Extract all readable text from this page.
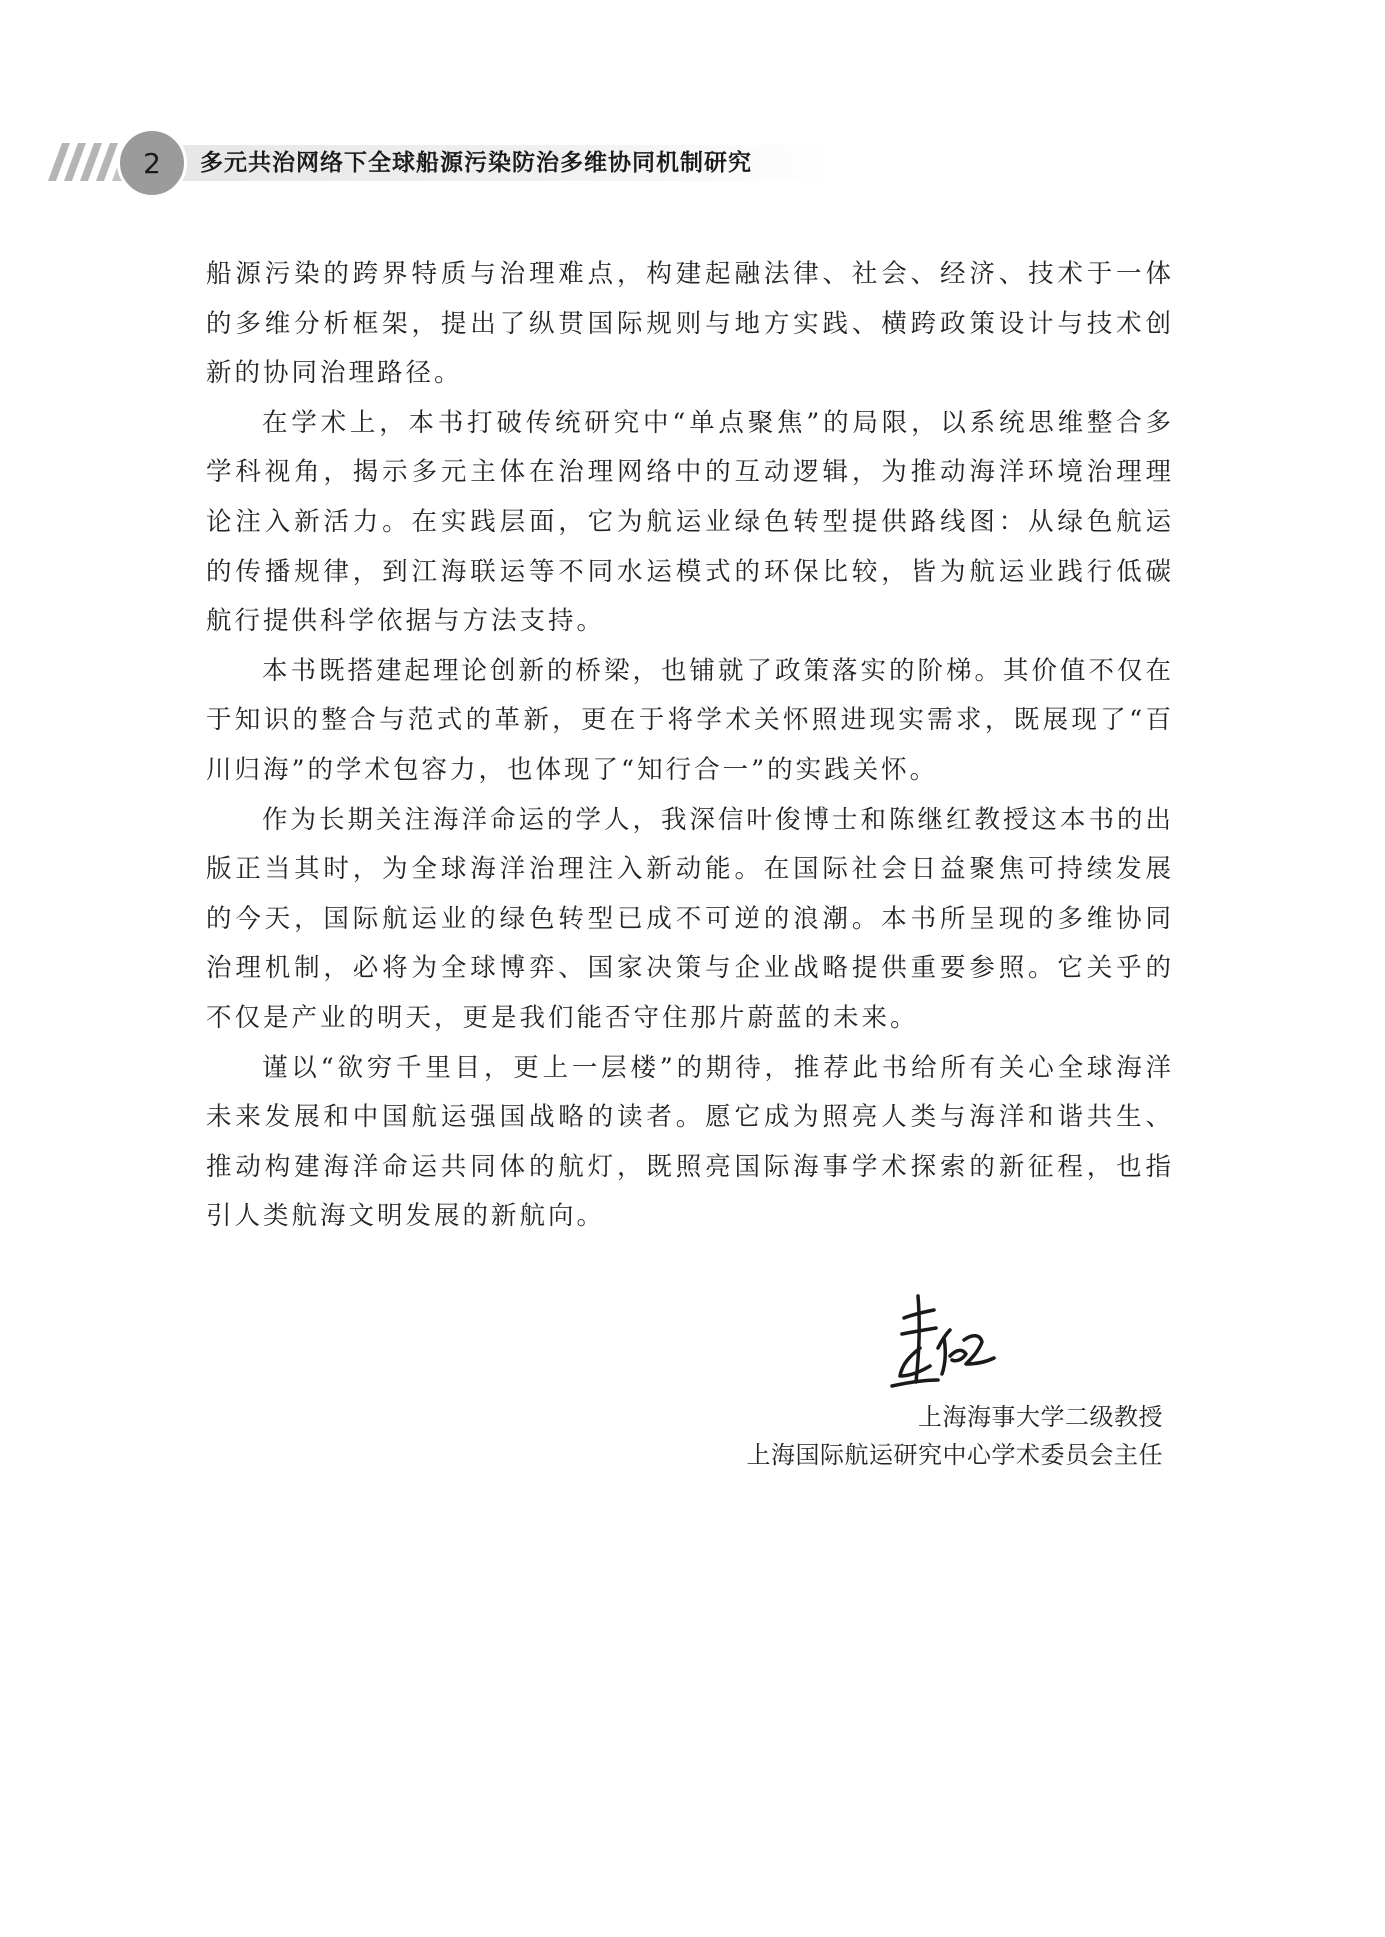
2 多元共治网络下全球船源污染防治多维协同机制研究

船源污染的跨界特质与治理难点，构建起融法律、社会、经济、技术于一体的多维分析框架，提出了纵贯国际规则与地方实践、横跨政策设计与技术创新的协同治理路径。

在学术上，本书打破传统研究中“单点聚焦”的局限，以系统思维整合多学科视角，揭示多元主体在治理网络中的互动逻辑，为推动海洋环境治理理论注入新活力。在实践层面，它为航运业绿色转型提供路线图：从绿色航运的传播规律，到江海联运等不同水运模式的环保比较，皆为航运业践行低碳航行提供科学依据与方法支持。

本书既搭建起理论创新的桥梁，也铺就了政策落实的阶梯。其价值不仅在于知识的整合与范式的革新，更在于将学术关怀照进现实需求，既展现了“百川归海”的学术包容力，也体现了“知行合一”的实践关怀。

作为长期关注海洋命运的学人，我深信叶俊博士和陈继红教授这本书的出版正当其时，为全球海洋治理注入新动能。在国际社会日益聚焦可持续发展的今天，国际航运业的绿色转型已成不可逆的浪潮。本书所呈现的多维协同治理机制，必将为全球博弈、国家决策与企业战略提供重要参照。它关乎的不仅是产业的明天，更是我们能否守住那片蔚蓝的未来。

谨以“欲穷千里目，更上一层楼”的期待，推荐此书给所有关心全球海洋未来发展和中国航运强国战略的读者。愿它成为照亮人类与海洋和谐共生、推动构建海洋命运共同体的航灯，既照亮国际海事学术探索的新征程，也指引人类航海文明发展的新航向。

上海海事大学二级教授
上海国际航运研究中心学术委员会主任
